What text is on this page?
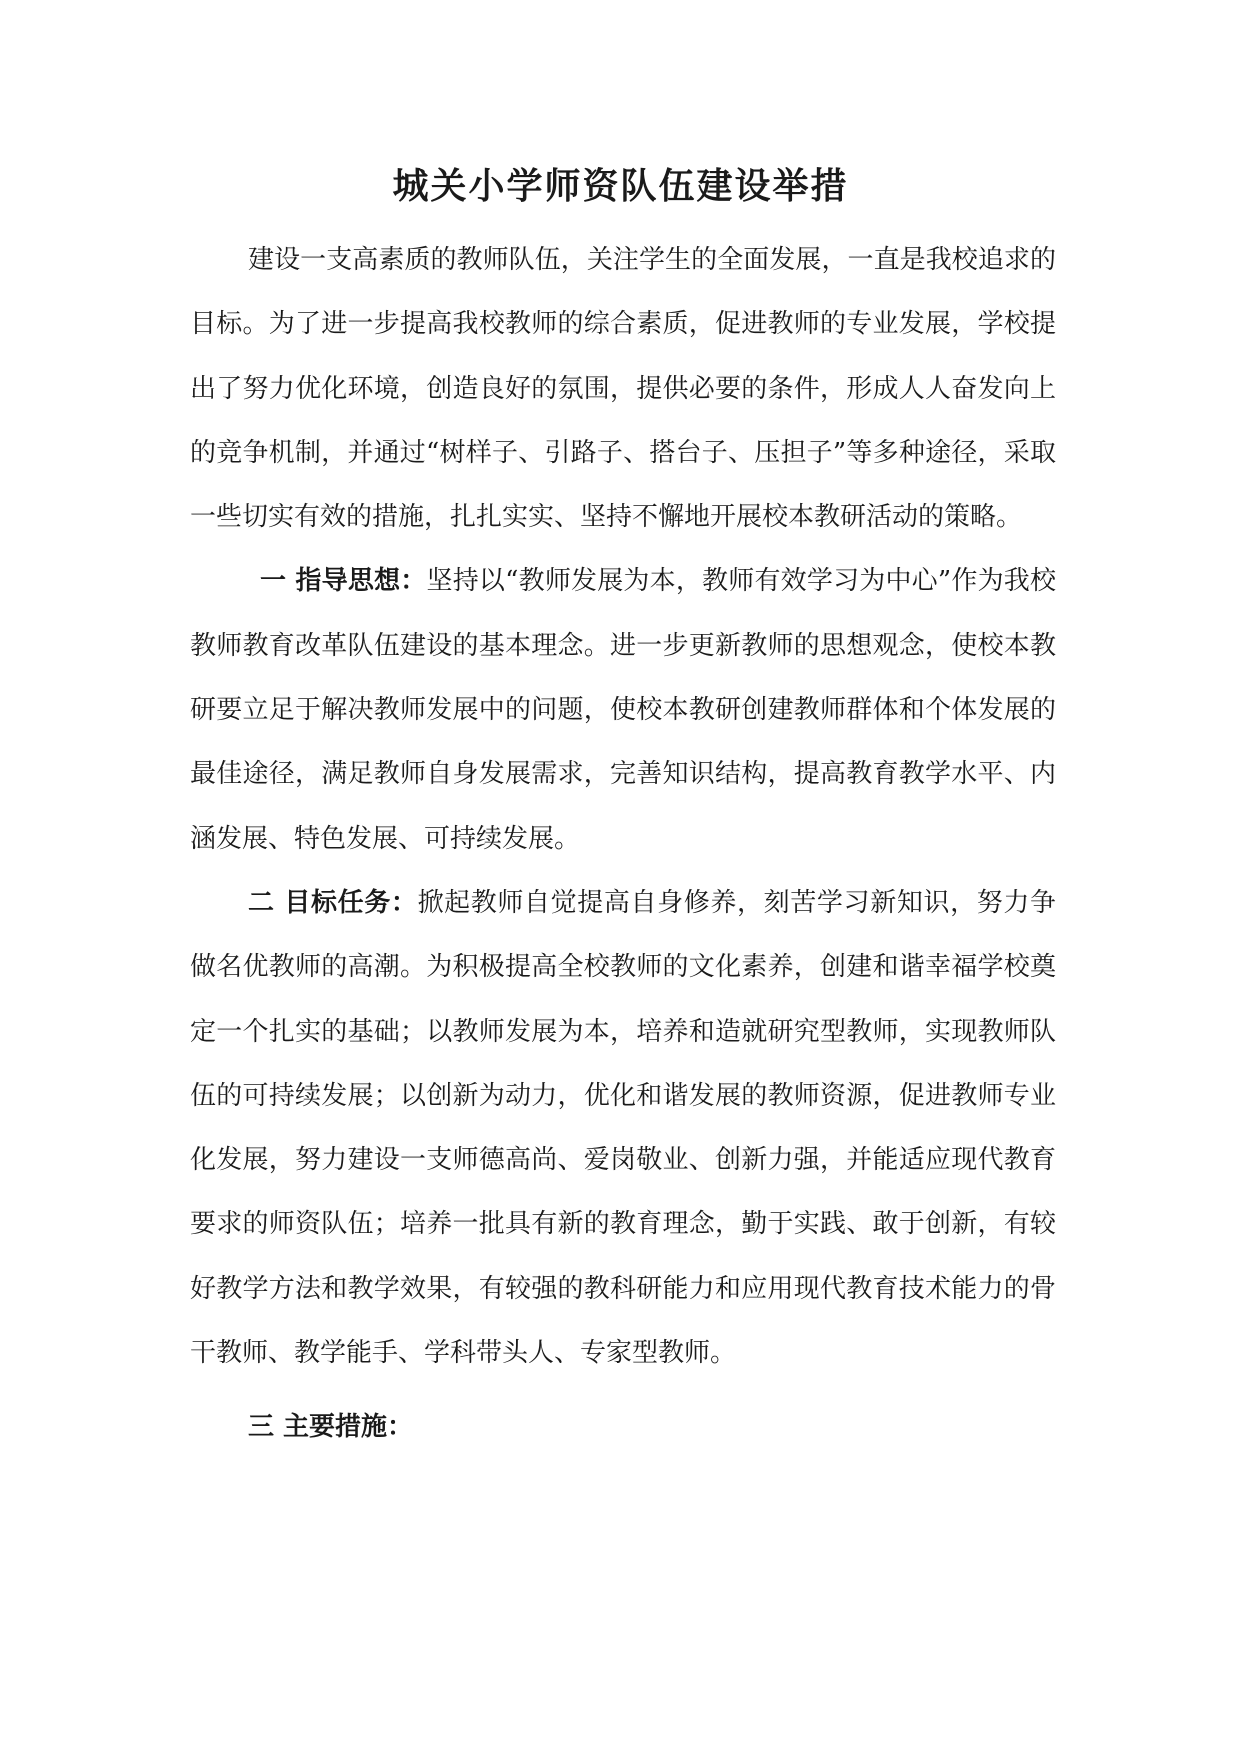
城关小学师资队伍建设举措

建设一支高素质的教师队伍，关注学生的全面发展，一直是我校追求的目标。为了进一步提高我校教师的综合素质，促进教师的专业发展，学校提出了努力优化环境，创造良好的氛围，提供必要的条件，形成人人奋发向上的竞争机制，并通过“树样子、引路子、搭台子、压担子”等多种途径，采取一些切实有效的措施，扎扎实实、坚持不懈地开展校本教研活动的策略。

一 指导思想：坚持以“教师发展为本，教师有效学习为中心”作为我校教师教育改革队伍建设的基本理念。进一步更新教师的思想观念，使校本教研要立足于解决教师发展中的问题，使校本教研创建教师群体和个体发展的最佳途径，满足教师自身发展需求，完善知识结构，提高教育教学水平、内涵发展、特色发展、可持续发展。

二 目标任务：掀起教师自觉提高自身修养，刻苦学习新知识，努力争做名优教师的高潮。为积极提高全校教师的文化素养，创建和谐幸福学校奠定一个扎实的基础；以教师发展为本，培养和造就研究型教师，实现教师队伍的可持续发展；以创新为动力，优化和谐发展的教师资源，促进教师专业化发展，努力建设一支师德高尚、爱岗敬业、创新力强，并能适应现代教育要求的师资队伍；培养一批具有新的教育理念，勤于实践、敢于创新，有较好教学方法和教学效果，有较强的教科研能力和应用现代教育技术能力的骨干教师、教学能手、学科带头人、专家型教师。

三 主要措施：
